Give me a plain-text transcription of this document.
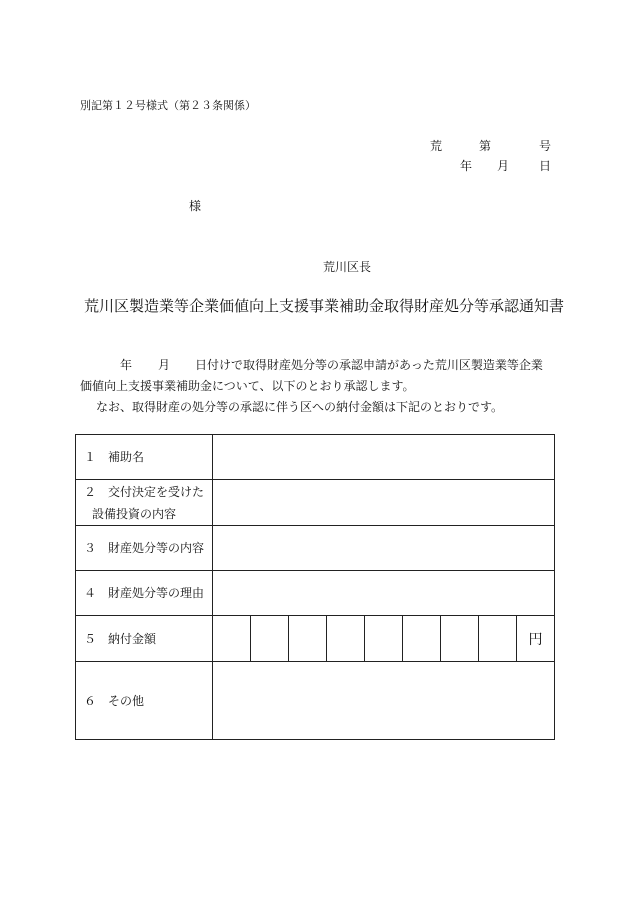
別記第１２号様式（第２３条関係）
荒	第	号
年 月 日
様
荒川区長
荒川区製造業等企業価値向上支援事業補助金取得財産処分等承認通知書
年 月 日付けで取得財産処分等の承認申請があった荒川区製造業等企業
価値向上支援事業補助金について、以下のとおり承認します。
なお、取得財産の処分等の承認に伴う区への納付金額は下記のとおりです。
１　補助名	

２　交付決定を受けた
設備投資の内容	

３　財産処分等の内容	
４　財産処分等の理由	
５　納付金額	円

６　その他	
